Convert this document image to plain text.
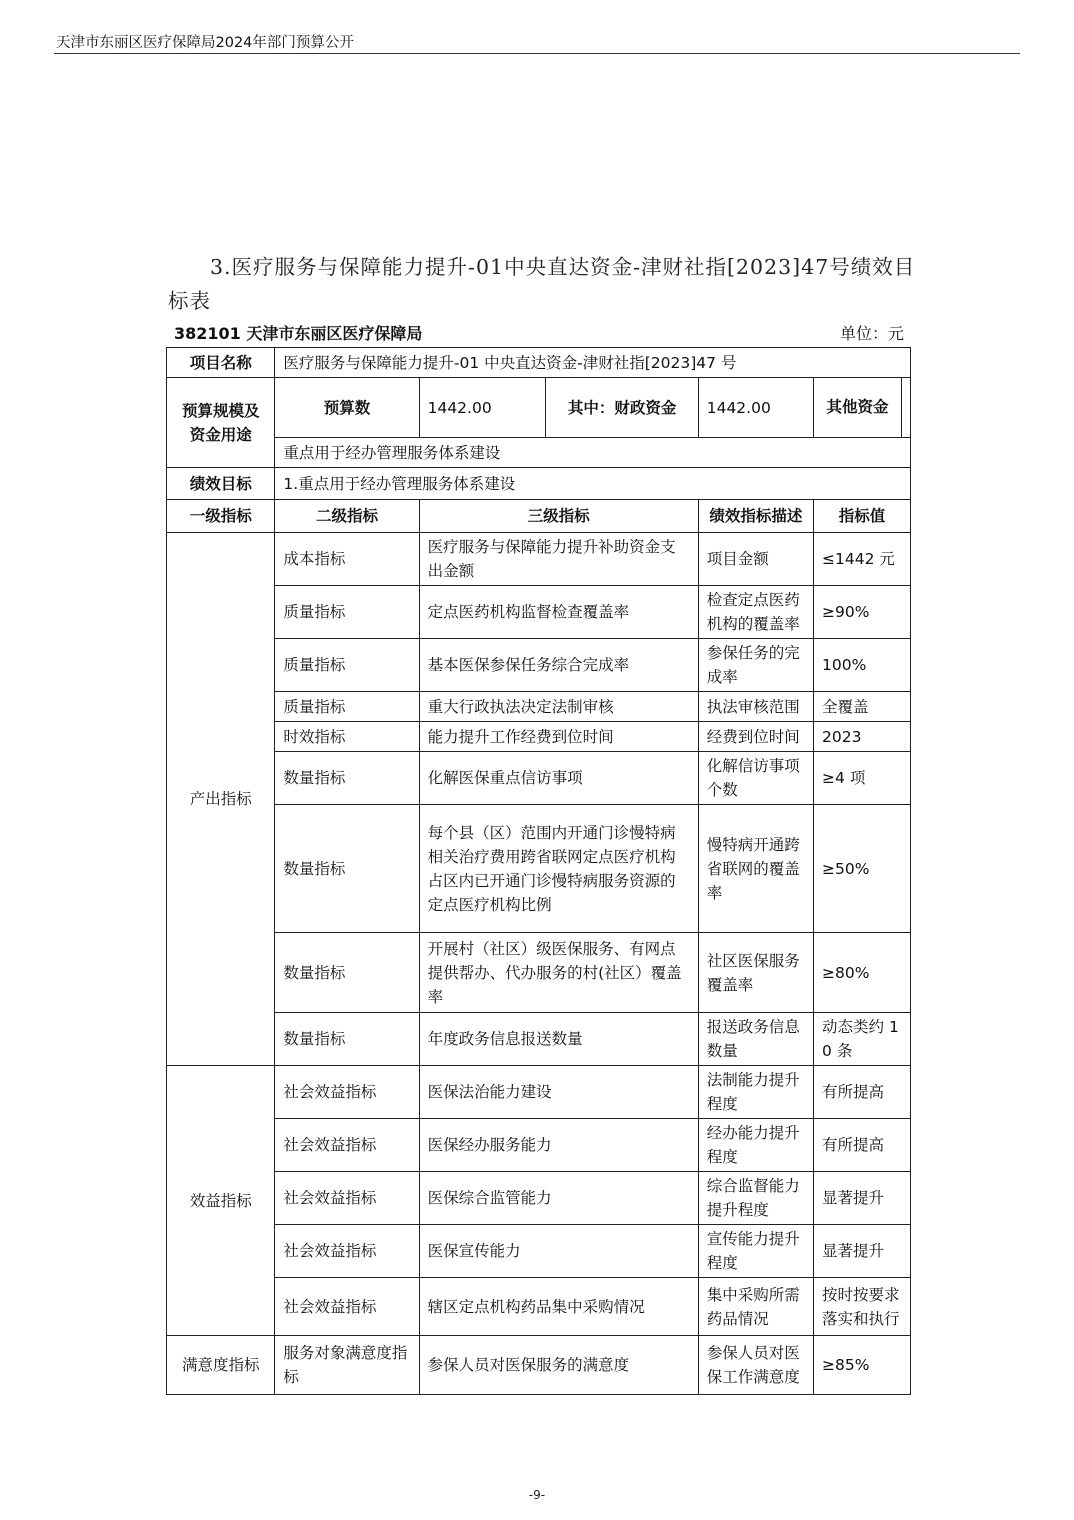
天津市东丽区医疗保障局2024年部门预算公开
3.医疗服务与保障能力提升-01中央直达资金-津财社指[2023]47号绩效目标表
382101 天津市东丽区医疗保障局	单位：元
项目名称	医疗服务与保障能力提升-01 中央直达资金-津财社指[2023]47 号				
预算规模及资金用途	预算数	1442.00	其中：财政资金	1442.00	其他资金

	重点用于经办管理服务体系建设				
绩效目标	1.重点用于经办管理服务体系建设				
一级指标	二级指标	三级指标		绩效指标描述	指标值
产出指标	成本指标	医疗服务与保障能力提升补助资金支出金额		项目金额	≤1442 元
	质量指标	定点医药机构监督检查覆盖率		检查定点医药机构的覆盖率	≥90%
	质量指标	基本医保参保任务综合完成率		参保任务的完成率	100%
	质量指标	重大行政执法决定法制审核		执法审核范围	全覆盖
	时效指标	能力提升工作经费到位时间		经费到位时间	2023
	数量指标	化解医保重点信访事项		化解信访事项个数	≥4 项
	数量指标	每个县（区）范围内开通门诊慢特病相关治疗费用跨省联网定点医疗机构占区内已开通门诊慢特病服务资源的定点医疗机构比例		慢特病开通跨省联网的覆盖率	≥50%
	数量指标	开展村（社区）级医保服务、有网点提供帮办、代办服务的村(社区）覆盖率		社区医保服务覆盖率	≥80%
	数量指标	年度政务信息报送数量		报送政务信息数量	动态类约 10 条
效益指标	社会效益指标	医保法治能力建设		法制能力提升程度	有所提高
	社会效益指标	医保经办服务能力		经办能力提升程度	有所提高
	社会效益指标	医保综合监管能力		综合监督能力提升程度	显著提升
	社会效益指标	医保宣传能力		宣传能力提升程度	显著提升
	社会效益指标	辖区定点机构药品集中采购情况		集中采购所需药品情况	按时按要求落实和执行
满意度指标	服务对象满意度指标	参保人员对医保服务的满意度		参保人员对医保工作满意度	≥85%
-9-
